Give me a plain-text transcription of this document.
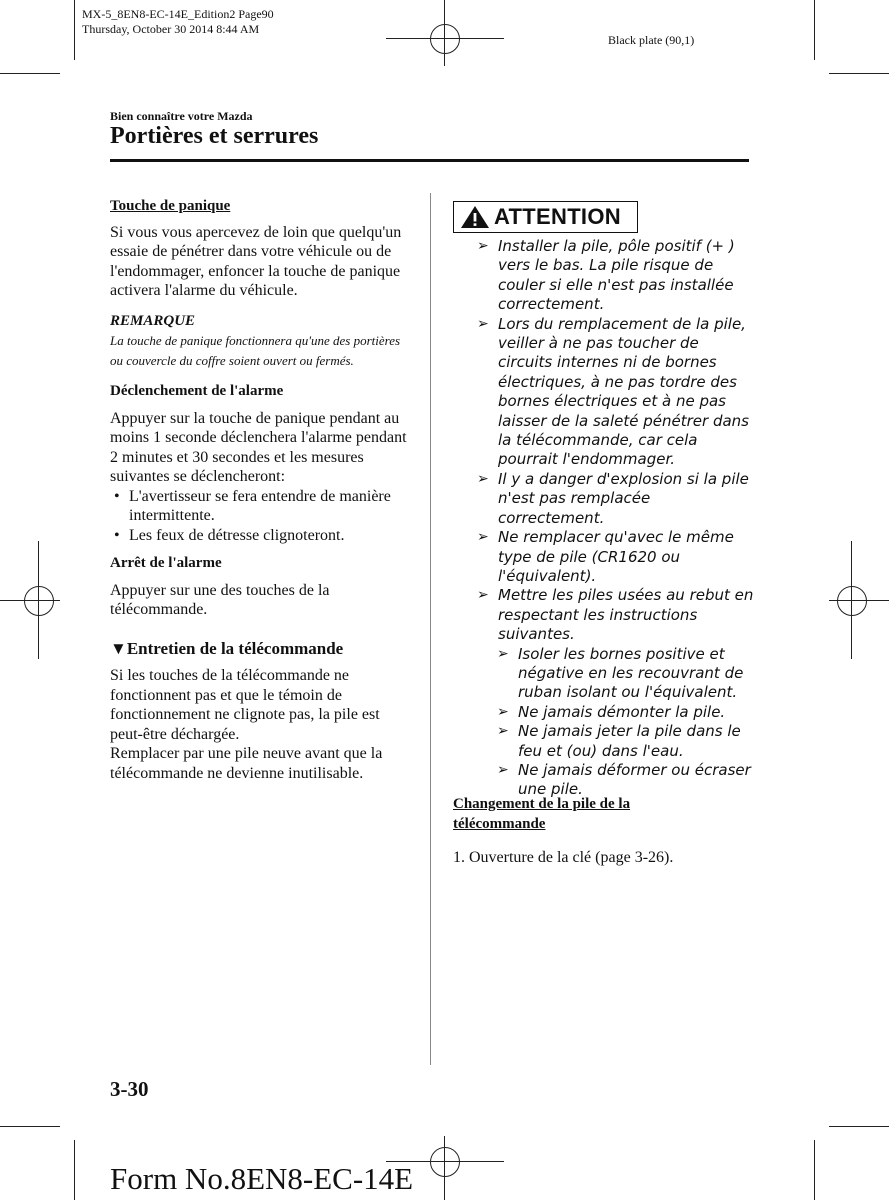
MX-5_8EN8-EC-14E_Edition2 Page90
Thursday, October 30 2014 8:44 AM
Black plate (90,1)
Bien connaître votre Mazda
Portières et serrures

Touche de panique

Si vous vous apercevez de loin que quelqu'un essaie de pénétrer dans votre véhicule ou de l'endommager, enfoncer la touche de panique activera l'alarme du véhicule.

REMARQUE

La touche de panique fonctionnera qu'une des portières ou couvercle du coffre soient ouvert ou fermés.

Déclenchement de l'alarme

Appuyer sur la touche de panique pendant au moins 1 seconde déclenchera l'alarme pendant 2 minutes et 30 secondes et les mesures suivantes se déclencheront:

• L'avertisseur se fera entendre de manière intermittente.
• Les feux de détresse clignoteront.

Arrêt de l'alarme

Appuyer sur une des touches de la télécommande.

▼Entretien de la télécommande

Si les touches de la télécommande ne fonctionnent pas et que le témoin de fonctionnement ne clignote pas, la pile est peut-être déchargée.

Remplacer par une pile neuve avant que la télécommande ne devienne inutilisable.

ATTENTION
➢ Installer la pile, pôle positif (+ ) vers le bas. La pile risque de couler si elle n'est pas installée correctement.
➢ Lors du remplacement de la pile, veiller à ne pas toucher de circuits internes ni de bornes électriques, à ne pas tordre des bornes électriques et à ne pas laisser de la saleté pénétrer dans la télécommande, car cela pourrait l'endommager.
➢ Il y a danger d'explosion si la pile n'est pas remplacée correctement.
➢ Ne remplacer qu'avec le même type de pile (CR1620 ou l'équivalent).
➢ Mettre les piles usées au rebut en respectant les instructions suivantes.
➢ Isoler les bornes positive et négative en les recouvrant de ruban isolant ou l'équivalent.
➢ Ne jamais démonter la pile.
➢ Ne jamais jeter la pile dans le feu et (ou) dans l'eau.
➢ Ne jamais déformer ou écraser une pile.

Changement de la pile de la télécommande

1. Ouverture de la clé (page 3-26).

3-30
Form No.8EN8-EC-14E
